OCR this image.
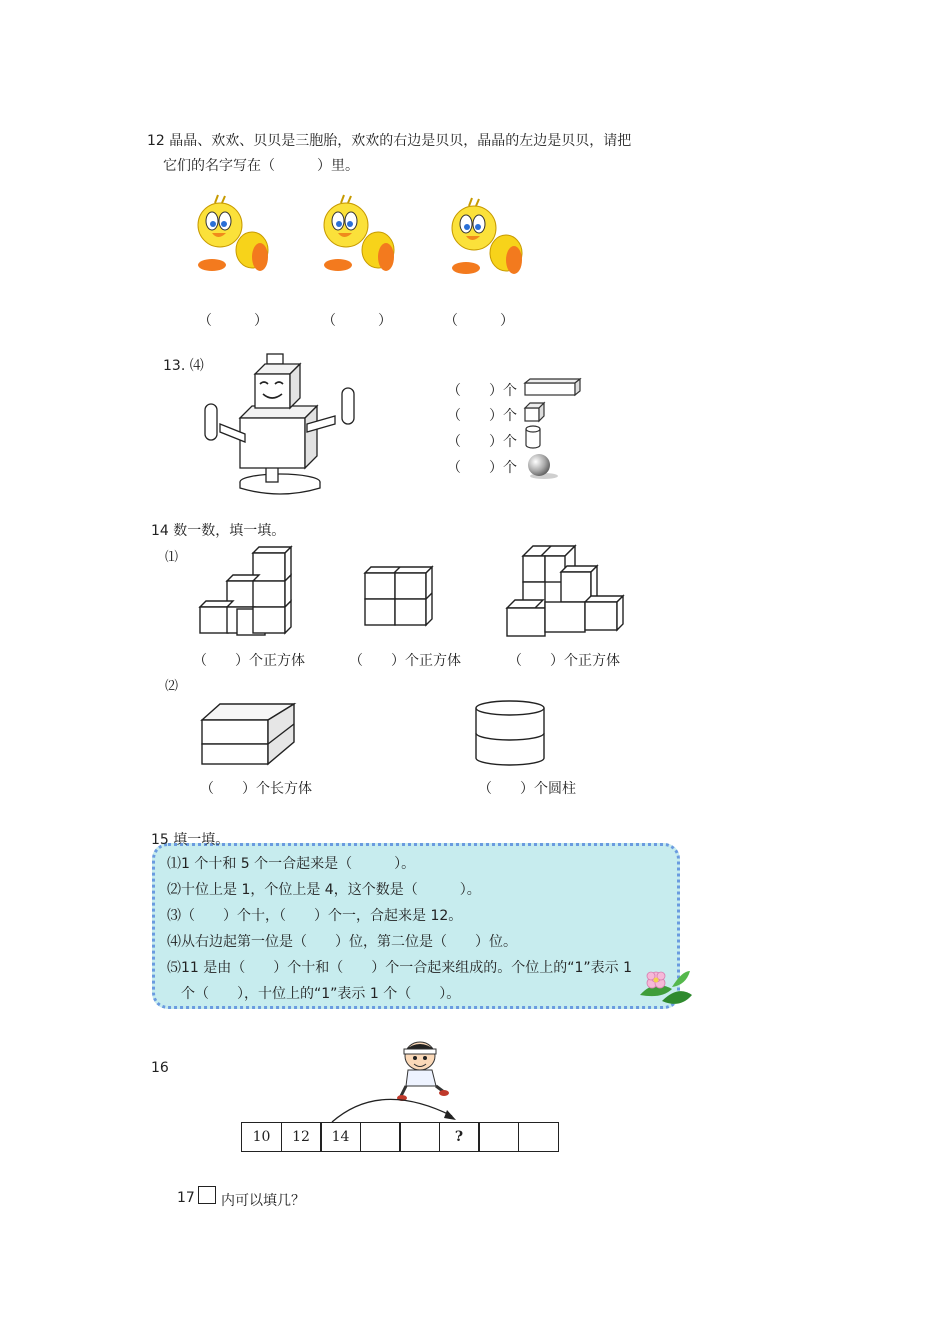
12 晶晶、欢欢、贝贝是三胞胎，欢欢的右边是贝贝，晶晶的左边是贝贝，请把
它们的名字写在（　　　）里。
（　　　）	（　　　）	（　　　）
13. ⑷
（　　）个
（　　）个
（　　）个
（　　）个
14 数一数，填一填。
⑴
（　　）个正方体	（　　）个正方体	（　　）个正方体
⑵
（　　）个长方体	（　　）个圆柱
15 填一填。
⑴1 个十和 5 个一合起来是（　　　）。
⑵十位上是 1，个位上是 4，这个数是（　　　）。
⑶（　　）个十，（　　）个一，合起来是 12。
⑷从右边起第一位是（　　）位，第二位是（　　）位。
⑸11 是由（　　）个十和（　　）个一合起来组成的。个位上的“1”表示 1
　个（　　），十位上的“1”表示 1 个（　　）。
16
10	12	14	?
17 内可以填几？
